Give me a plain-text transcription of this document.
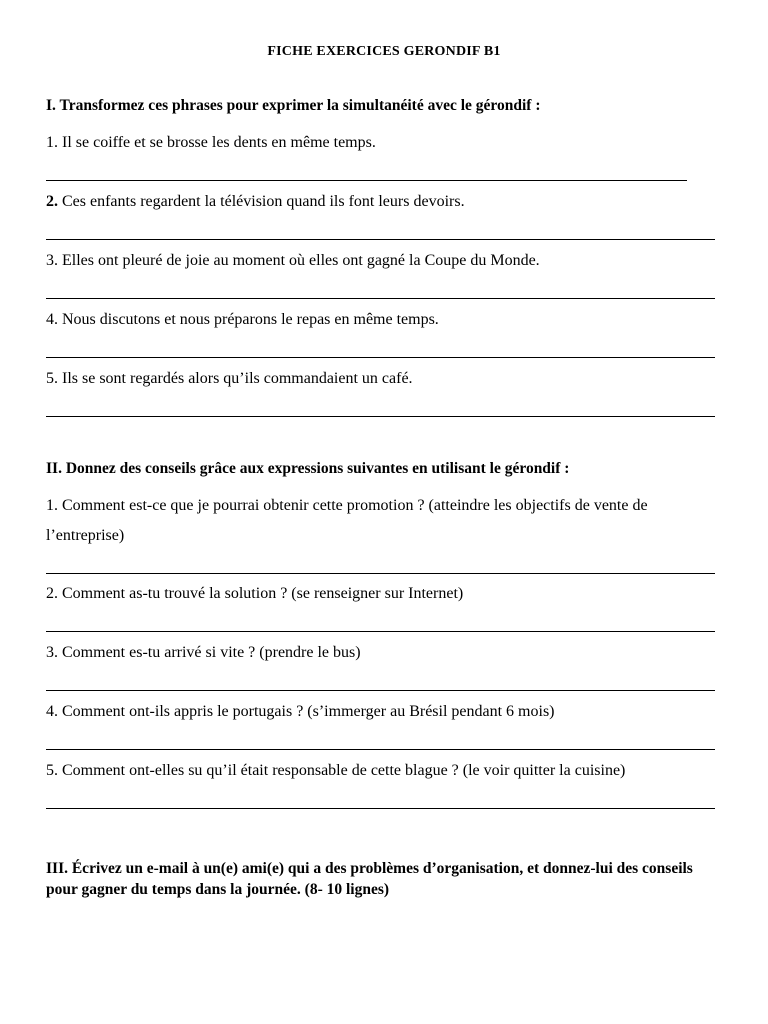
FICHE EXERCICES GERONDIF B1
I. Transformez ces phrases pour exprimer la simultanéité avec le gérondif :
1. Il se coiffe et se brosse les dents en même temps.
2. Ces enfants regardent la télévision quand ils font leurs devoirs.
3. Elles ont pleuré de joie au moment où elles ont gagné la Coupe du Monde.
4. Nous discutons et nous préparons le repas en même temps.
5. Ils se sont regardés alors qu’ils commandaient un café.
II. Donnez des conseils grâce aux expressions suivantes en utilisant le gérondif :
1. Comment est-ce que je pourrai obtenir cette promotion ? (atteindre les objectifs de vente de l’entreprise)
2. Comment as-tu trouvé la solution ? (se renseigner sur Internet)
3. Comment es-tu arrivé si vite ? (prendre le bus)
4. Comment ont-ils appris le portugais ? (s’immerger au Brésil pendant 6 mois)
5. Comment ont-elles su qu’il était responsable de cette blague ? (le voir quitter la cuisine)
III. Écrivez un e-mail à un(e) ami(e) qui a des problèmes d’organisation, et donnez-lui des conseils pour gagner du temps dans la journée. (8- 10 lignes)
